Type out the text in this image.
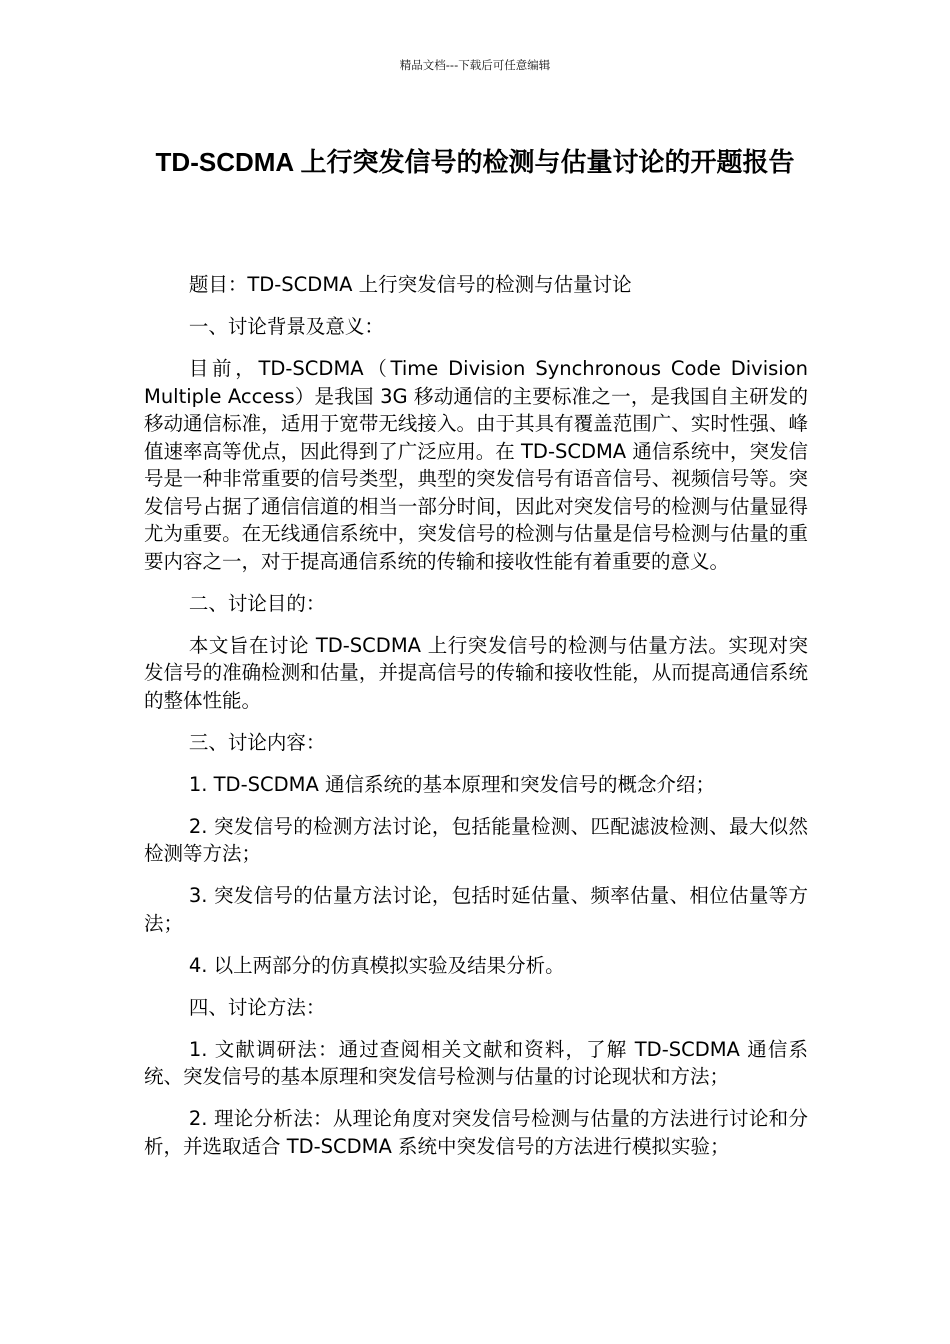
精品文档---下载后可任意编辑
TD-SCDMA 上行突发信号的检测与估量讨论的开题报告

题目：TD-SCDMA 上行突发信号的检测与估量讨论

一、讨论背景及意义：

目前，TD-SCDMA（Time Division Synchronous Code Division Multiple Access）是我国 3G 移动通信的主要标准之一，是我国自主研发的移动通信标准，适用于宽带无线接入。由于其具有覆盖范围广、实时性强、峰值速率高等优点，因此得到了广泛应用。在 TD-SCDMA 通信系统中，突发信号是一种非常重要的信号类型，典型的突发信号有语音信号、视频信号等。突发信号占据了通信信道的相当一部分时间，因此对突发信号的检测与估量显得尤为重要。在无线通信系统中，突发信号的检测与估量是信号检测与估量的重要内容之一，对于提高通信系统的传输和接收性能有着重要的意义。

二、讨论目的：

本文旨在讨论 TD-SCDMA 上行突发信号的检测与估量方法。实现对突发信号的准确检测和估量，并提高信号的传输和接收性能，从而提高通信系统的整体性能。

三、讨论内容：

1. TD-SCDMA 通信系统的基本原理和突发信号的概念介绍；

2. 突发信号的检测方法讨论，包括能量检测、匹配滤波检测、最大似然检测等方法；

3. 突发信号的估量方法讨论，包括时延估量、频率估量、相位估量等方法；

4. 以上两部分的仿真模拟实验及结果分析。

四、讨论方法：

1. 文献调研法：通过查阅相关文献和资料，了解 TD-SCDMA 通信系统、突发信号的基本原理和突发信号检测与估量的讨论现状和方法；

2. 理论分析法：从理论角度对突发信号检测与估量的方法进行讨论和分析，并选取适合 TD-SCDMA 系统中突发信号的方法进行模拟实验；
